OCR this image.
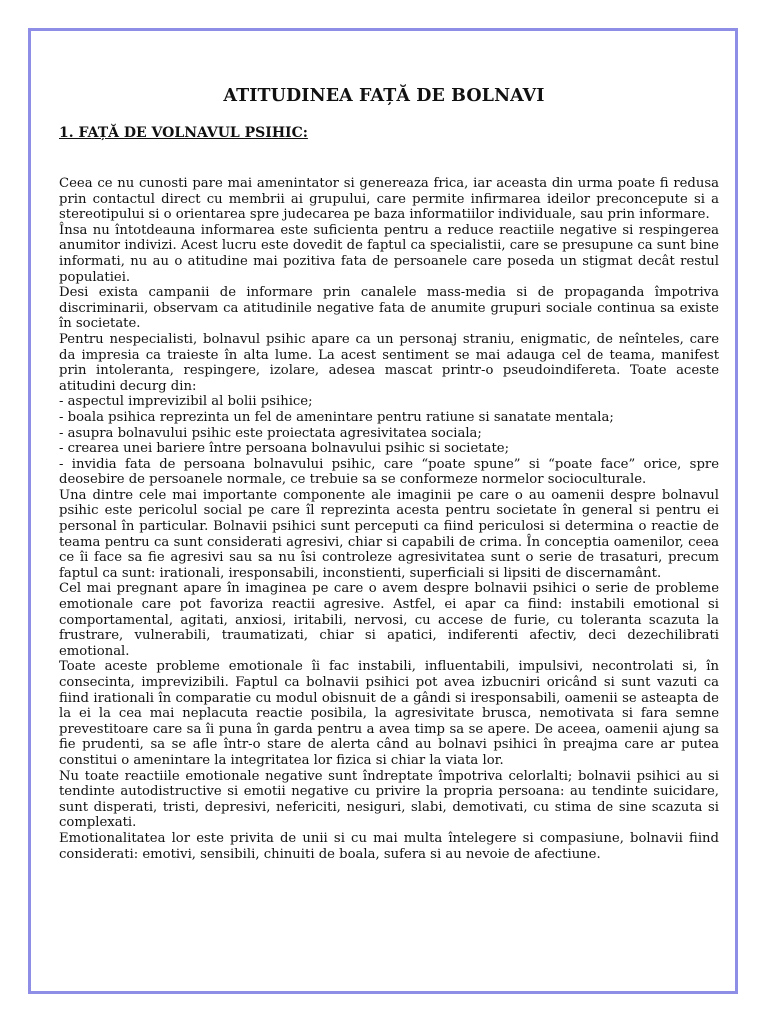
ATITUDINEA FAȚĂ DE BOLNAVI
1. FAȚĂ DE VOLNAVUL PSIHIC:

Ceea ce nu cunosti pare mai amenintator si genereaza frica, iar aceasta din urma poate fi redusa prin contactul direct cu membrii ai grupului, care permite infirmarea ideilor preconcepute si a stereotipului si o orientarea spre judecarea pe baza informatiilor individuale, sau prin informare.

Însa nu întotdeauna informarea este suficienta pentru a reduce reactiile negative si respingerea anumitor indivizi. Acest lucru este dovedit de faptul ca specialistii, care se presupune ca sunt bine informati, nu au o atitudine mai pozitiva fata de persoanele care poseda un stigmat decât restul populatiei.

Desi exista campanii de informare prin canalele mass-media si de propaganda împotriva discriminarii, observam ca atitudinile negative fata de anumite grupuri sociale continua sa existe în societate.

Pentru nespecialisti, bolnavul psihic apare ca un personaj straniu, enigmatic, de neînteles, care da impresia ca traieste în alta lume. La acest sentiment se mai adauga cel de teama, manifest prin intoleranta, respingere, izolare, adesea mascat printr-o pseudoindifereta. Toate aceste atitudini decurg din:

- aspectul imprevizibil al bolii psihice;

- boala psihica reprezinta un fel de amenintare pentru ratiune si sanatate mentala;

- asupra bolnavului psihic este proiectata agresivitatea sociala;

- crearea unei bariere între persoana bolnavului psihic si societate;

- invidia fata de persoana bolnavului psihic, care “poate spune” si “poate face” orice, spre deosebire de persoanele normale, ce trebuie sa se conformeze normelor socioculturale.

Una dintre cele mai importante componente ale imaginii pe care o au oamenii despre bolnavul psihic este pericolul social pe care îl reprezinta acesta pentru societate în general si pentru ei personal în particular. Bolnavii psihici sunt perceputi ca fiind periculosi si determina o reactie de teama pentru ca sunt considerati agresivi, chiar si capabili de crima. În conceptia oamenilor, ceea ce îi face sa fie agresivi sau sa nu îsi controleze agresivitatea sunt o serie de trasaturi, precum faptul ca sunt: irationali, iresponsabili, inconstienti, superficiali si lipsiti de discernamânt.

Cel mai pregnant apare în imaginea pe care o avem despre bolnavii psihici o serie de probleme emotionale care pot favoriza reactii agresive. Astfel, ei apar ca fiind: instabili emotional si comportamental, agitati, anxiosi, iritabili, nervosi, cu accese de furie, cu toleranta scazuta la frustrare, vulnerabili, traumatizati, chiar si apatici, indiferenti afectiv, deci dezechilibrati emotional.

Toate aceste probleme emotionale îi fac instabili, influentabili, impulsivi, necontrolati si, în consecinta, imprevizibili. Faptul ca bolnavii psihici pot avea izbucniri oricând si sunt vazuti ca fiind irationali în comparatie cu modul obisnuit de a gândi si iresponsabili, oamenii se asteapta de la ei la cea mai neplacuta reactie posibila, la agresivitate brusca, nemotivata si fara semne prevestitoare care sa îi puna în garda pentru a avea timp sa se apere. De aceea, oamenii ajung sa fie prudenti, sa se afle într-o stare de alerta când au bolnavi psihici în preajma care ar putea constitui o amenintare la integritatea lor fizica si chiar la viata lor.

Nu toate reactiile emotionale negative sunt îndreptate împotriva celorlalti; bolnavii psihici au si tendinte autodistructive si emotii negative cu privire la propria persoana: au tendinte suicidare, sunt disperati, tristi, depresivi, nefericiti, nesiguri, slabi, demotivati, cu stima de sine scazuta si complexati.

Emotionalitatea lor este privita de unii si cu mai multa întelegere si compasiune, bolnavii fiind considerati: emotivi, sensibili, chinuiti de boala, sufera si au nevoie de afectiune.
